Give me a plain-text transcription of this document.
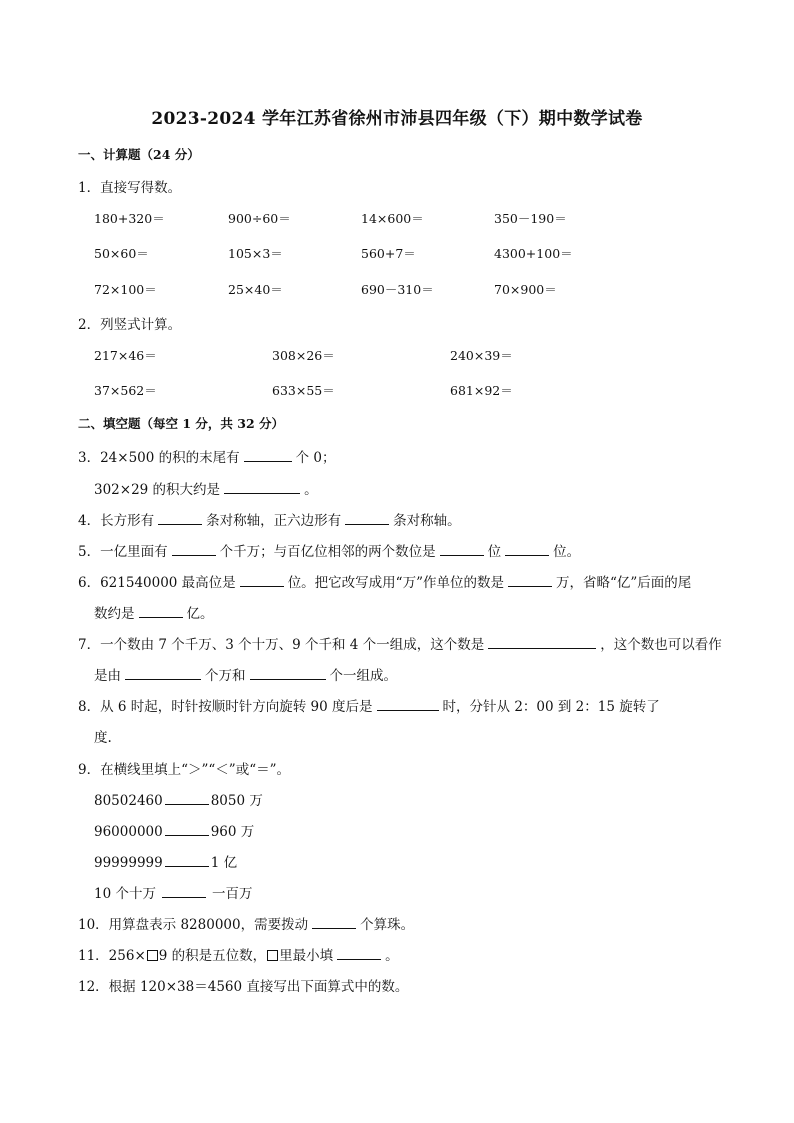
2023-2024 学年江苏省徐州市沛县四年级（下）期中数学试卷
一、计算题（24 分）
1．直接写得数。
180+320＝	900÷60＝	14×600＝	350－190＝
50×60＝	105×3＝	560+7＝	4300+100＝
72×100＝	25×40＝	690－310＝	70×900＝
2．列竖式计算。
217×46＝	308×26＝	240×39＝
37×562＝	633×55＝	681×92＝
二、填空题（每空 1 分，共 32 分）
3．24×500 的积的末尾有	个 0；
302×29 的积大约是	。
4．长方形有	条对称轴，正六边形有	条对称轴。
5．一亿里面有	个千万；与百亿位相邻的两个数位是	位	位。
6．621540000 最高位是	位。把它改写成用“万”作单位的数是	万，省略“亿”后面的尾
数约是	亿。
7．一个数由 7 个千万、3 个十万、9 个千和 4 个一组成，这个数是	，这个数也可以看作
是由	个万和	个一组成。
8．从 6 时起，时针按顺时针方向旋转 90 度后是	时，分针从 2：00 到 2：15 旋转了
度.
9．在横线里填上“＞”“＜”或“＝”。
80502460	8050 万
96000000	960 万
99999999	1 亿
10 个十万	一百万
10．用算盘表示 8280000，需要拨动	个算珠。
11．256× 9 的积是五位数， 里最小填	。
12．根据 120×38＝4560 直接写出下面算式中的数。
